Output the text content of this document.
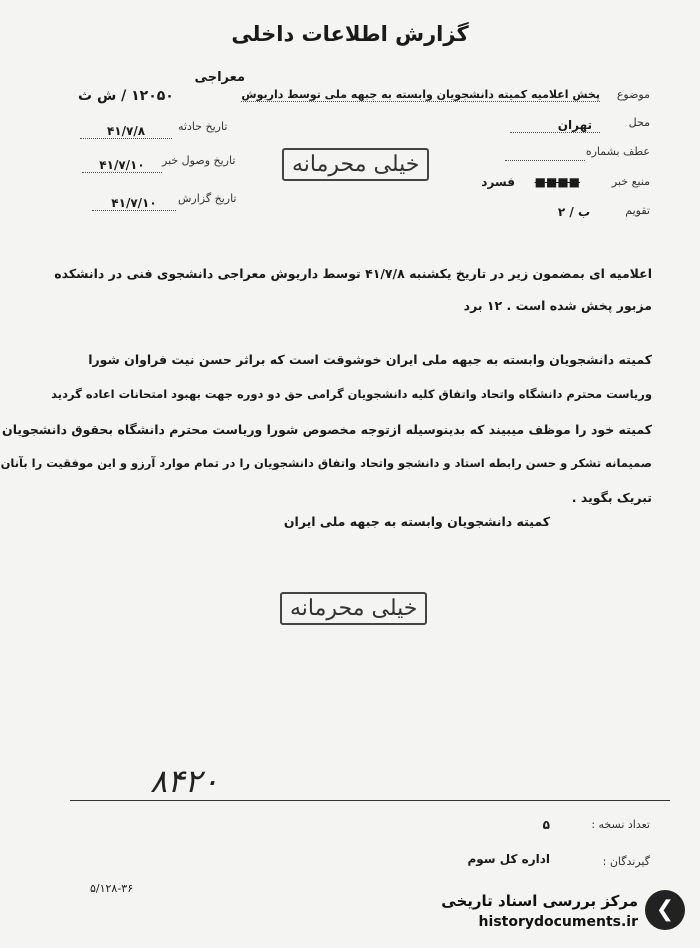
گزارش اطلاعات داخلی
موضوع
پخش اعلامیه کمیته دانشجویان وابسته به جبهه ملی توسط داریوش
معراجی
۱۲۰۵۰ / ش ث
محل
تهران
عطف بشماره
منبع خبر
■■■■
فسرد
تقویم
ب / ۲
خیلی محرمانه
تاریخ حادثه
۴۱/۷/۸
تاریخ وصول خبر
۴۱/۷/۱۰
تاریخ گزارش
۴۱/۷/۱۰
اعلامیه ای بمضمون زیر در تاریخ یکشنبه ۴۱/۷/۸ توسط داریوش معراجی دانشجوی فنی در دانشکده
مزبور پخش شده است . ۱۲ برد
کمیته دانشجویان وابسته به جبهه ملی ایران خوشوقت است که براثر حسن نیت فراوان شورا
وریاست محترم دانشگاه واتحاد واتفاق کلیه دانشجویان گرامی حق دو دوره جهت بهبود امتحانات اعاده گردید
کمیته خود را موظف میبیند که بدینوسیله ازتوجه مخصوص شورا وریاست محترم دانشگاه بحقوق دانشجویان
صمیمانه تشکر و حسن رابطه استاد و دانشجو واتحاد واتفاق دانشجویان را در تمام موارد آرزو و این موفقیت را بآنان
تبریک بگوید .
کمیته دانشجویان وابسته به جبهه ملی ایران
خیلی محرمانه
۸۴۲۰
تعداد نسخه :
۵
گیرندگان :
اداره کل سوم
۵/۱۲۸-۳۶
❯
مرکز بررسی اسناد تاریخی
historydocuments.ir
